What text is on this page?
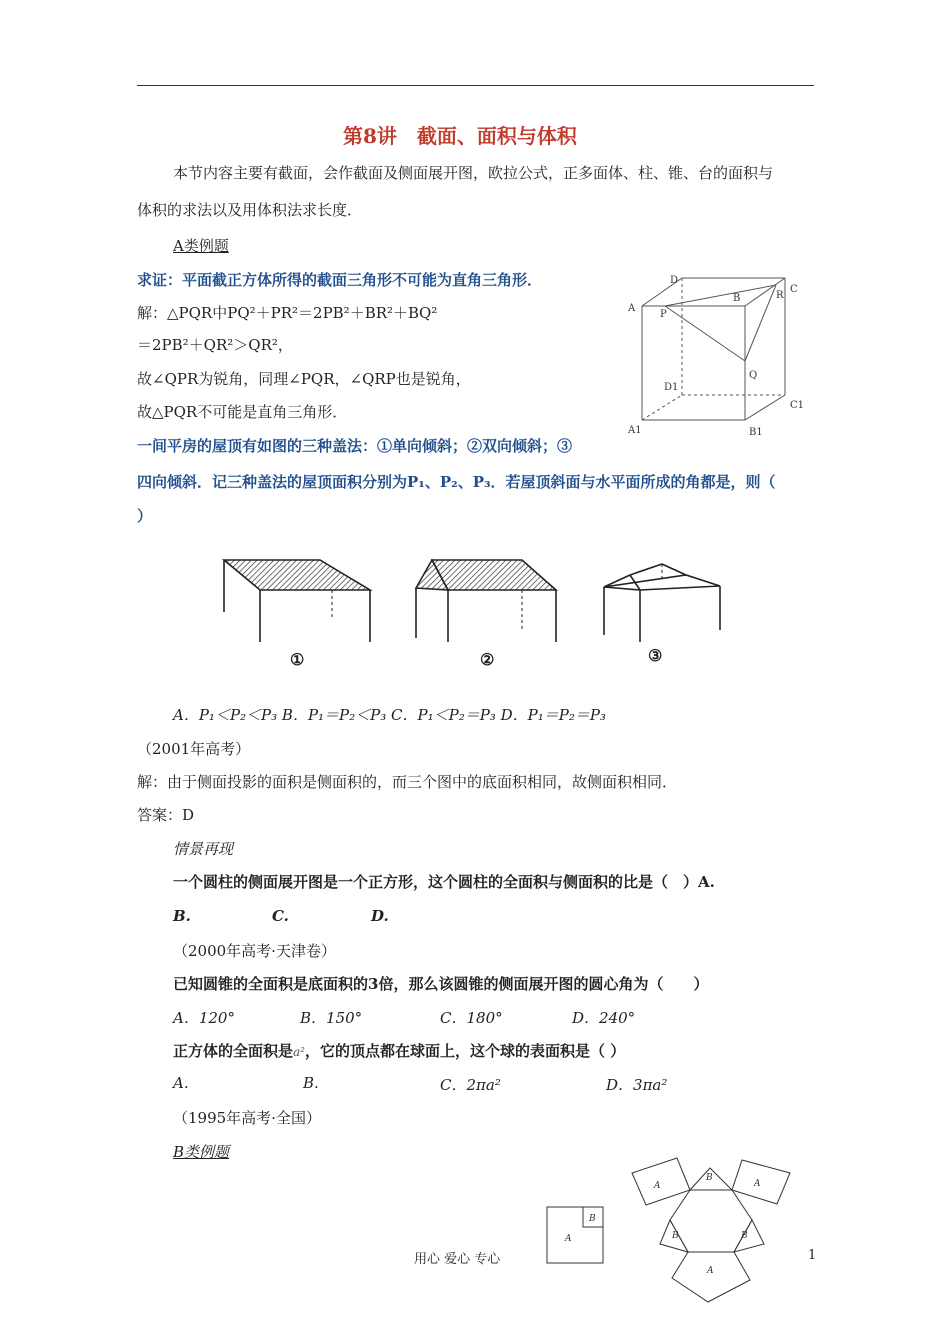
第8讲　截面、面积与体积
本节内容主要有截面，会作截面及侧面展开图，欧拉公式，正多面体、柱、锥、台的面积与
体积的求法以及用体积法求长度．
A类例题
求证：平面截正方体所得的截面三角形不可能为直角三角形．
解：△PQR中PQ²＋PR²＝2PB²＋BR²＋BQ²
＝2PB²＋QR²＞QR²，
故∠QPR为锐角，同理∠PQR，∠QRP也是锐角，
故△PQR不可能是直角三角形．
D
C
B	R
A
P
Q
D1
C1
A1	B1
一间平房的屋顶有如图的三种盖法：①单向倾斜；②双向倾斜；③
四向倾斜．记三种盖法的屋顶面积分别为P₁、P₂、P₃．若屋顶斜面与水平面所成的角都是，则（
）
①	②	③
A．P₁＜P₂＜P₃ B．P₁＝P₂＜P₃ C．P₁＜P₂＝P₃ D．P₁＝P₂＝P₃
（2001年高考）
解：由于侧面投影的面积是侧面积的，而三个图中的底面积相同，故侧面积相同．
答案：D
情景再现
一个圆柱的侧面展开图是一个正方形，这个圆柱的全面积与侧面积的比是（　）A.
B.	C.	D.
（2000年高考·天津卷）
已知圆锥的全面积是底面积的3倍，那么该圆锥的侧面展开图的圆心角为（　　）
A．120°	B．150°	C．180°	D．240°
正方体的全面积是a²，它的顶点都在球面上，这个球的表面积是（ ）
A.	B.	C．2πa²	D．3πa²
（1995年高考·全国）
B类例题
A
B
A	A
B
B	B
A
用心 爱心 专心	1
